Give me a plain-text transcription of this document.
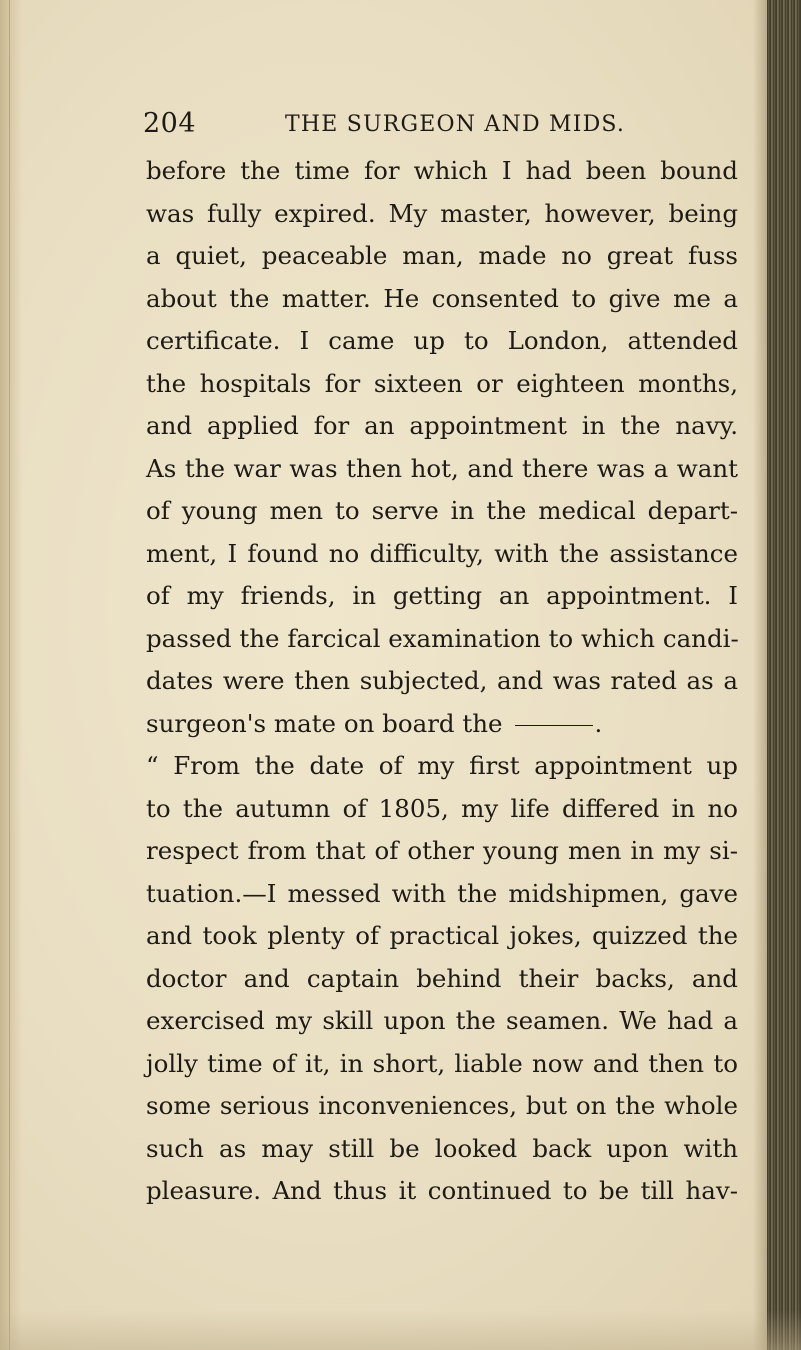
204	THE SURGEON AND MIDS.
before the time for which I had been bound
was fully expired. My master, however, being
a quiet, peaceable man, made no great fuss
about the matter. He consented to give me a
certificate. I came up to London, attended
the hospitals for sixteen or eighteen months,
and applied for an appointment in the navy.
As the war was then hot, and there was a want
of young men to serve in the medical depart-
ment, I found no difficulty, with the assistance
of my friends, in getting an appointment. I
passed the farcical examination to which candi-
dates were then subjected, and was rated as a
surgeon's mate on board the	.
“ From the date of my first appointment up
to the autumn of 1805, my life differed in no
respect from that of other young men in my si-
tuation.—I messed with the midshipmen, gave
and took plenty of practical jokes, quizzed the
doctor and captain behind their backs, and
exercised my skill upon the seamen. We had a
jolly time of it, in short, liable now and then to
some serious inconveniences, but on the whole
such as may still be looked back upon with
pleasure. And thus it continued to be till hav-
